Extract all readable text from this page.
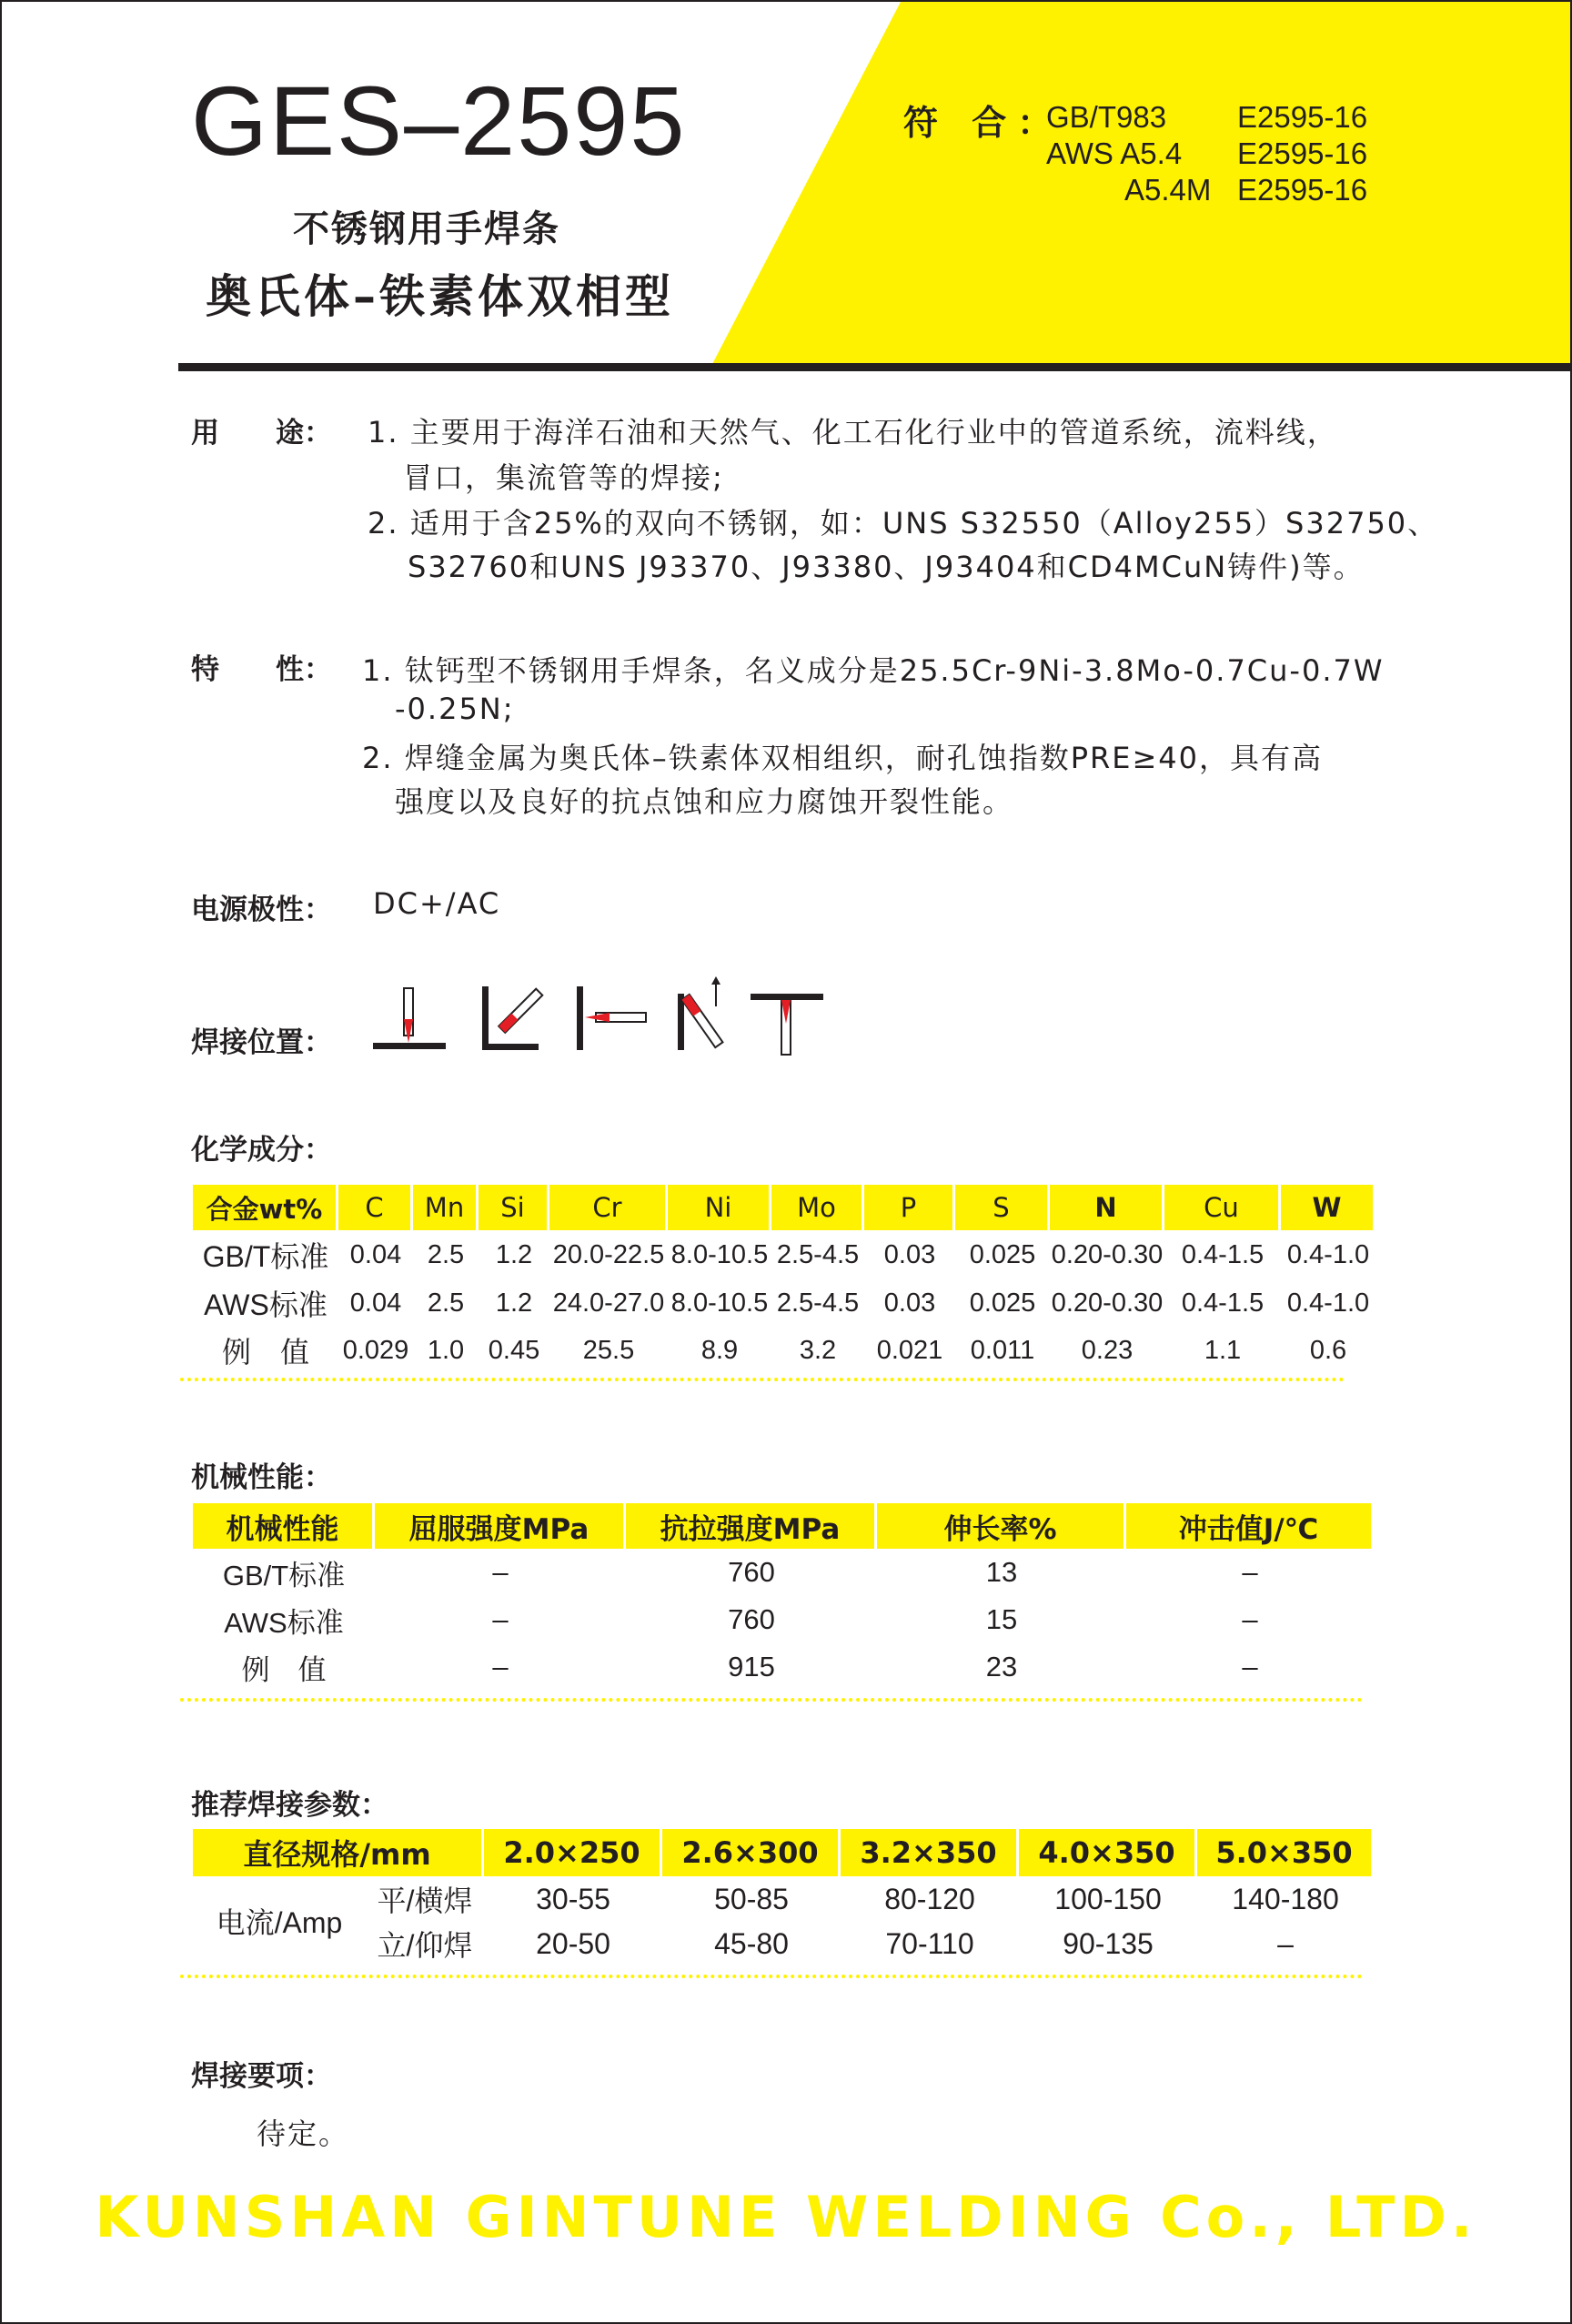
GES–2595
不锈钢用手焊条
奥氏体–铁素体双相型
符 合：
GB/T983 E2595-16
AWS A5.4 E2595-16
A5.4M E2595-16
用　　途： 1. 主要用于海洋石油和天然气、化工石化行业中的管道系统，流料线，
冒口，集流管等的焊接;
2. 适用于含25%的双向不锈钢，如：UNS S32550（Alloy255）S32750、
S32760和UNS J93370、J93380、J93404和CD4MCuN铸件)等。
特　　性： 1. 钛钙型不锈钢用手焊条，名义成分是25.5Cr-9Ni-3.8Mo-0.7Cu-0.7W
-0.25N;
2. 焊缝金属为奥氏体–铁素体双相组织，耐孔蚀指数PRE≥40，具有高
强度以及良好的抗点蚀和应力腐蚀开裂性能。
电源极性： DC+/AC
焊接位置：
化学成分：
合金wt%	C	Mn	Si	Cr	Ni	Mo	P	S	N	Cu	W
GB/T标准	0.04	2.5	1.2	20.0-22.5	8.0-10.5	2.5-4.5	0.03	0.025	0.20-0.30	0.4-1.5	0.4-1.0
AWS标准	0.04	2.5	1.2	24.0-27.0	8.0-10.5	2.5-4.5	0.03	0.025	0.20-0.30	0.4-1.5	0.4-1.0
例　值	0.029	1.0	0.45	25.5	8.9	3.2	0.021	0.011	0.23	1.1	0.6
机械性能：
机械性能	屈服强度MPa	抗拉强度MPa	伸长率%	冲击值J/℃
GB/T标准	–	760	13	–
AWS标准	–	760	15	–
例　值	–	915	23	–
推荐焊接参数：
直径规格/mm		2.0×250	2.6×300	3.2×350	4.0×350	5.0×350
电流/Amp	平/横焊	30-55	50-85	80-120	100-150	140-180
	立/仰焊	20-50	45-80	70-110	90-135	–
焊接要项：
待定。
KUNSHAN GINTUNE WELDING Co., LTD.
